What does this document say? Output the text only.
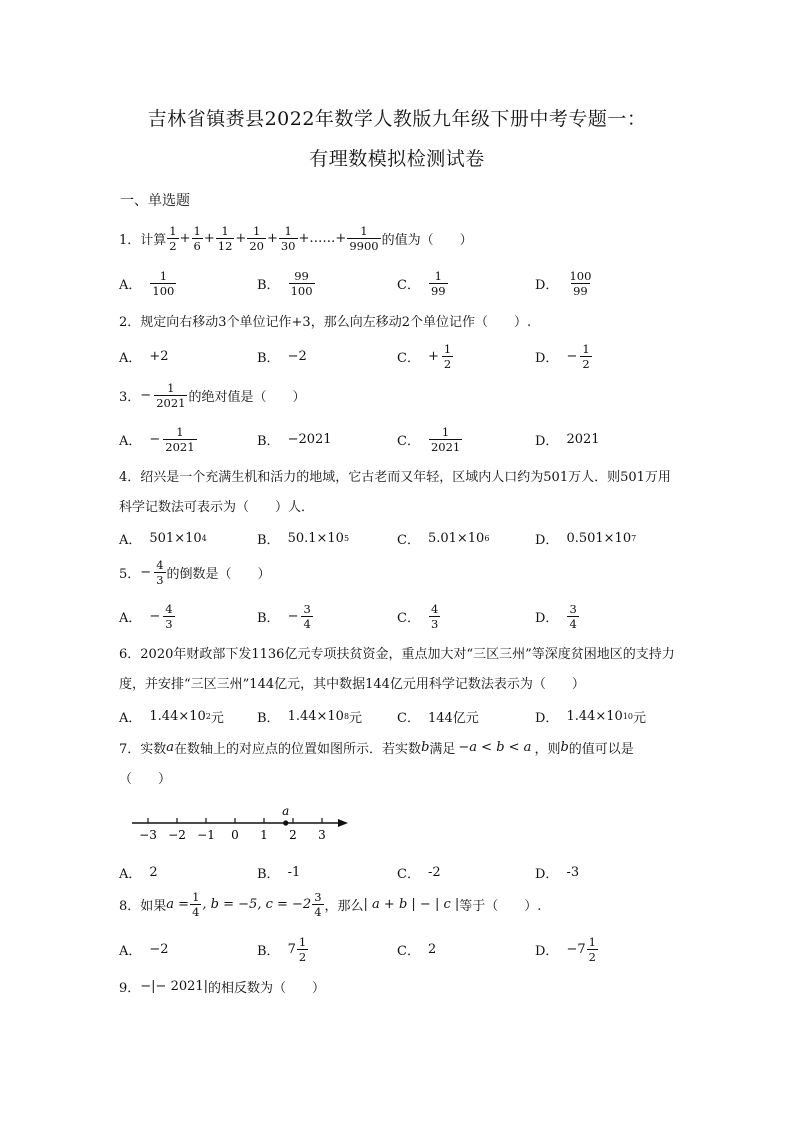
吉林省镇赉县2022年数学人教版九年级下册中考专题一：
有理数模拟检测试卷
一、单选题
1． 计算 $\frac{1}{2} + \frac{1}{6} + \frac{1}{12} + \frac{1}{20} + \frac{1}{30}$ + …… + $\frac{1}{9900}$ 的值为（　　）
A． $\frac{1}{100}$	B． $\frac{99}{100}$	C． $\frac{1}{99}$	D． $\frac{100}{99}$
2．规定向右移动3个单位记作+3，那么向左移动2个单位记作（　　）.
A． +2	B． −2	C． + $\frac{1}{2}$	D． − $\frac{1}{2}$
3． − $\frac{1}{2021}$ 的绝对值是（　　）
A． − $\frac{1}{2021}$	B． −2021	C． $\frac{1}{2021}$	D． 2021
4．绍兴是一个充满生机和活力的地域，它古老而又年轻，区域内人口约为501万人．则501万用科学记数法可表示为（　　）人．
A． 501×10 4	B． 50.1×10 5	C． 5.01×10 6	D． 0.501×10 7
5． − $\frac{4}{3}$ 的倒数是（　　）
A． − $\frac{4}{3}$	B． − $\frac{3}{4}$	C． $\frac{4}{3}$	D． $\frac{3}{4}$
6．2020年财政部下发1136亿元专项扶贫资金，重点加大对“三区三州”等深度贫困地区的支持力度，并安排“三区三州”144亿元，其中数据144亿元用科学记数法表示为（　　）
A． 1.44×10 2 元	B． 1.44×10 8 元	C． 144亿元	D． 1.44×10 10 元
7．实数 a 在数轴上的对应点的位置如图所示．若实数 b 满足 −a < b < a ，则 b 的值可以是
（　　）
−3 −2 −1 0 1 2 3
a
A． 2	B． -1	C． -2	D． -3
8． 如果 $a = \frac{1}{4}$ , b = −5, $c = -2 \frac{3}{4}$ ，那么 | a + b | − | c | 等于（　　）.
A． −2	B． $7 \frac{1}{2}$	C． 2	D． $-7 \frac{1}{2}$
9． −|− 2021| 的相反数为（　　）
